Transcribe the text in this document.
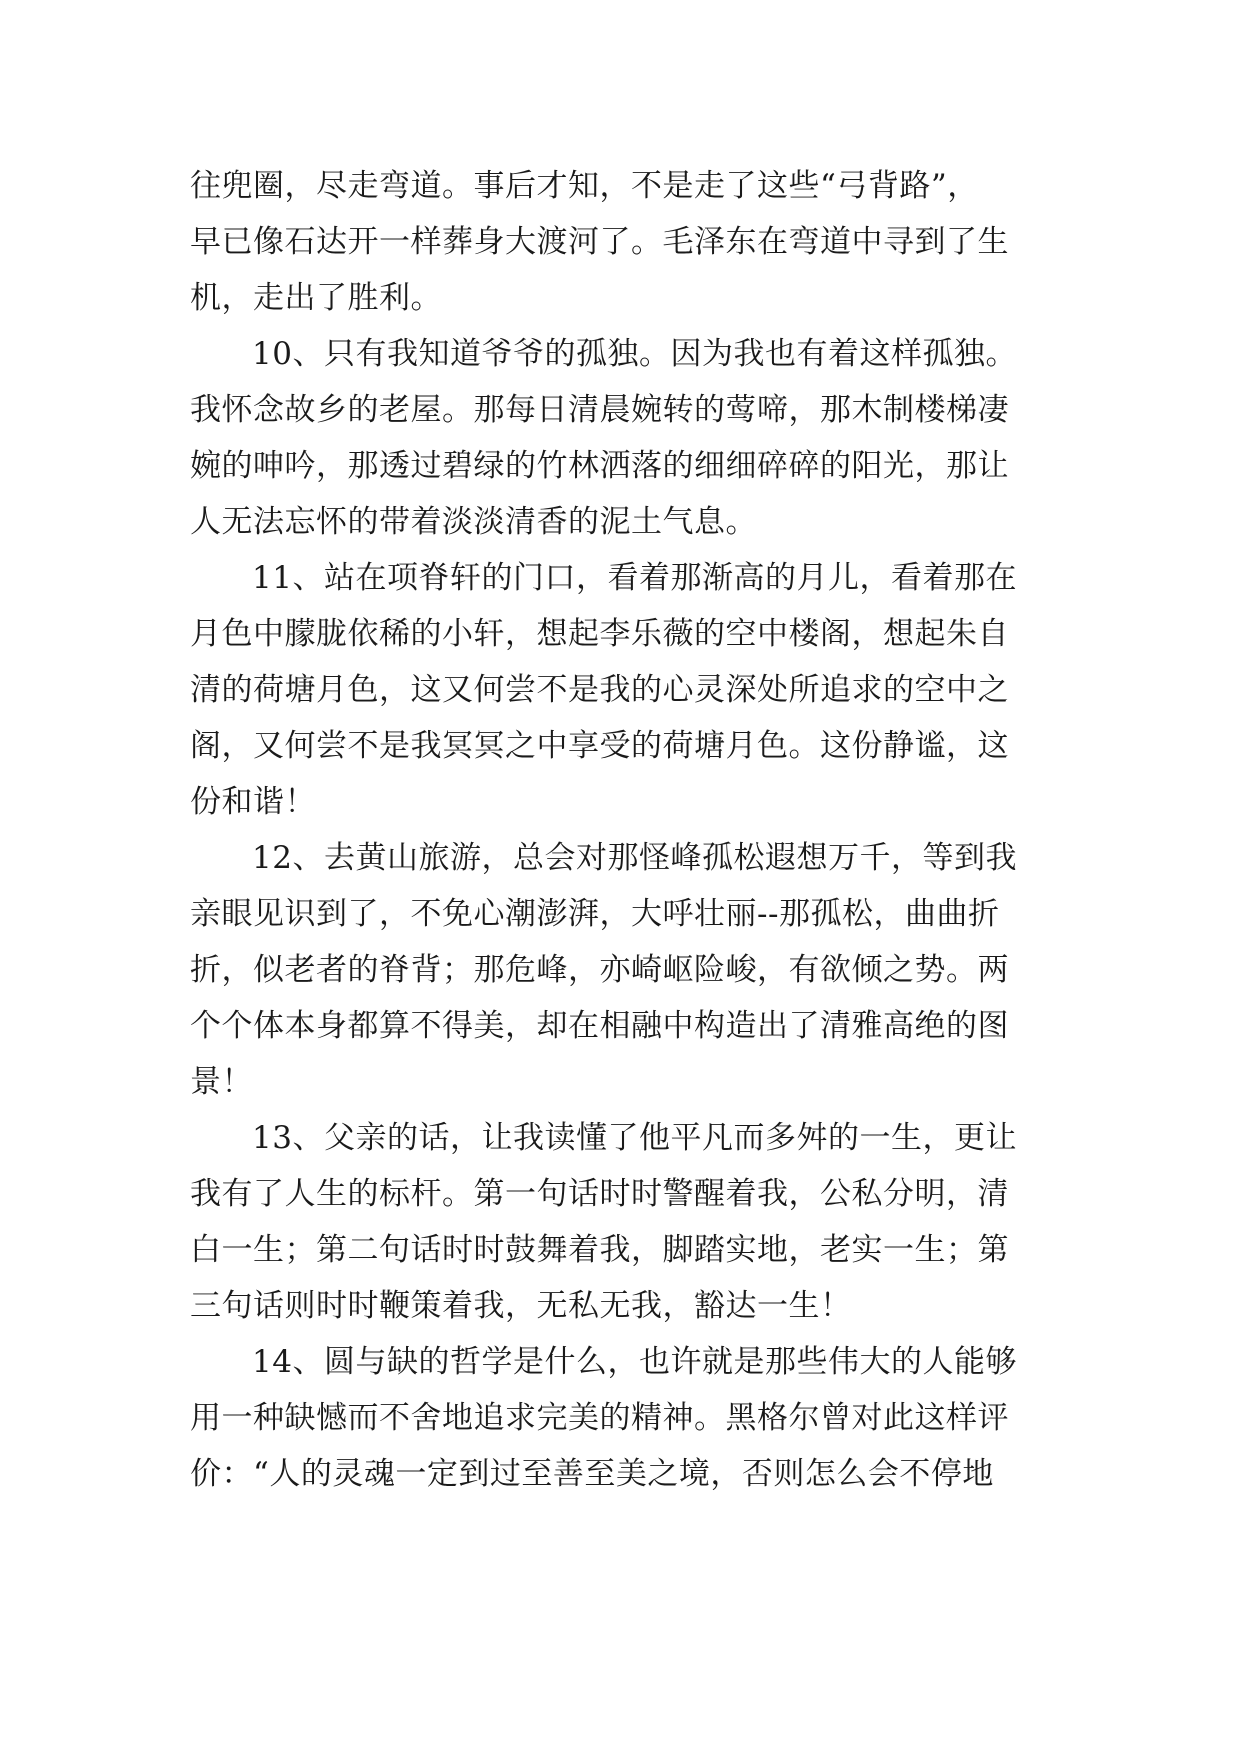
往兜圈，尽走弯道。事后才知，不是走了这些“弓背路”，
早已像石达开一样葬身大渡河了。毛泽东在弯道中寻到了生
机，走出了胜利。
10、只有我知道爷爷的孤独。因为我也有着这样孤独。
我怀念故乡的老屋。那每日清晨婉转的莺啼，那木制楼梯凄
婉的呻吟，那透过碧绿的竹林洒落的细细碎碎的阳光，那让
人无法忘怀的带着淡淡清香的泥土气息。
11、站在项脊轩的门口，看着那渐高的月儿，看着那在
月色中朦胧依稀的小轩，想起李乐薇的空中楼阁，想起朱自
清的荷塘月色，这又何尝不是我的心灵深处所追求的空中之
阁，又何尝不是我冥冥之中享受的荷塘月色。这份静谧，这
份和谐！
12、去黄山旅游，总会对那怪峰孤松遐想万千，等到我
亲眼见识到了，不免心潮澎湃，大呼壮丽--那孤松，曲曲折
折，似老者的脊背；那危峰，亦崎岖险峻，有欲倾之势。两
个个体本身都算不得美，却在相融中构造出了清雅高绝的图
景！
13、父亲的话，让我读懂了他平凡而多舛的一生，更让
我有了人生的标杆。第一句话时时警醒着我，公私分明，清
白一生；第二句话时时鼓舞着我，脚踏实地，老实一生；第
三句话则时时鞭策着我，无私无我，豁达一生！
14、圆与缺的哲学是什么，也许就是那些伟大的人能够
用一种缺憾而不舍地追求完美的精神。黑格尔曾对此这样评
价：“人的灵魂一定到过至善至美之境，否则怎么会不停地
